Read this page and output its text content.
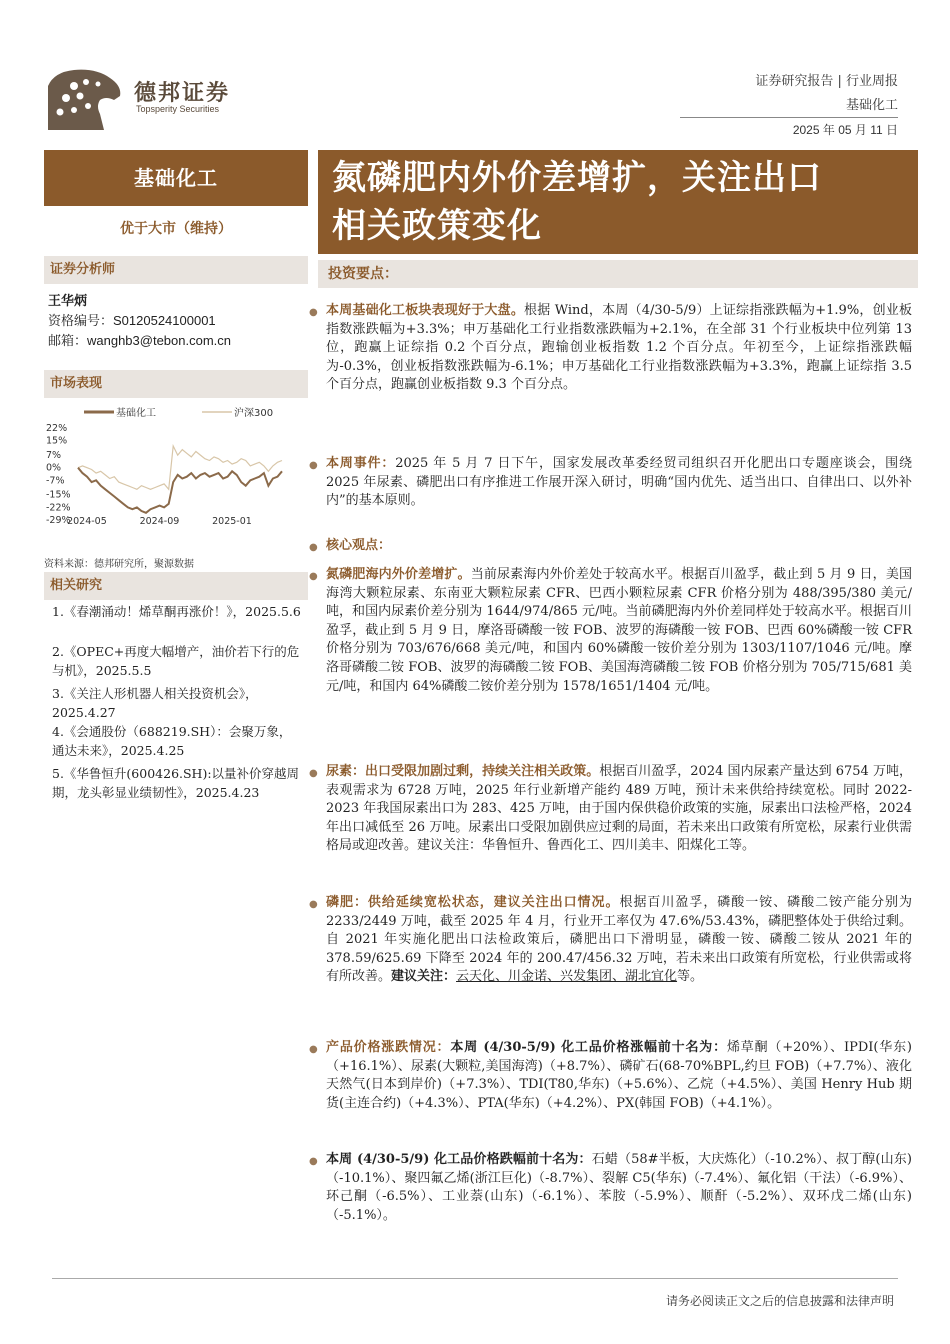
德邦证券
Topsperity Securities
证券研究报告 | 行业周报
基础化工
2025 年 05 月 11 日
基础化工
优于大市（维持）
证券分析师
王华炳
资格编号：S0120524100001
邮箱：wanghb3@tebon.com.cn
市场表现
基础化工	沪深300
22%
15%
7%
0%
-7%
-15%
-22%
-29%
2024-05	2024-09	2025-01
资料来源：德邦研究所，聚源数据
相关研究
1.《春潮涌动！烯草酮再涨价！》，2025.5.6
2.《OPEC+再度大幅增产，油价若下行的危与机》，2025.5.5
3.《关注人形机器人相关投资机会》，2025.4.27
4.《会通股份（688219.SH）：会聚万象，通达未来》，2025.4.25
5.《华鲁恒升(600426.SH):以量补价穿越周期，龙头彰显业绩韧性》，2025.4.23
氮磷肥内外价差增扩，关注出口
相关政策变化
投资要点：
● 本周基础化工板块表现好于大盘。根据 Wind，本周（4/30-5/9）上证综指涨跌幅为+1.9%，创业板指数涨跌幅为+3.3%；申万基础化工行业指数涨跌幅为+2.1%，在全部 31 个行业板块中位列第 13 位，跑赢上证综指 0.2 个百分点，跑输创业板指数 1.2 个百分点。年初至今，上证综指涨跌幅为-0.3%，创业板指数涨跌幅为-6.1%；申万基础化工行业指数涨跌幅为+3.3%，跑赢上证综指 3.5 个百分点，跑赢创业板指数 9.3 个百分点。
● 本周事件：2025 年 5 月 7 日下午，国家发展改革委经贸司组织召开化肥出口专题座谈会，围绕 2025 年尿素、磷肥出口有序推进工作展开深入研讨，明确“国内优先、适当出口、自律出口、以外补内”的基本原则。
● 核心观点：
● 氮磷肥海内外价差增扩。当前尿素海内外价差处于较高水平。根据百川盈孚，截止到 5 月 9 日，美国海湾大颗粒尿素、东南亚大颗粒尿素 CFR、巴西小颗粒尿素 CFR 价格分别为 488/395/380 美元/吨，和国内尿素价差分别为 1644/974/865 元/吨。当前磷肥海内外价差同样处于较高水平。根据百川盈孚，截止到 5 月 9 日，摩洛哥磷酸一铵 FOB、波罗的海磷酸一铵 FOB、巴西 60%磷酸一铵 CFR 价格分别为 703/676/668 美元/吨，和国内 60%磷酸一铵价差分别为 1303/1107/1046 元/吨。摩洛哥磷酸二铵 FOB、波罗的海磷酸二铵 FOB、美国海湾磷酸二铵 FOB 价格分别为 705/715/681 美元/吨，和国内 64%磷酸二铵价差分别为 1578/1651/1404 元/吨。
● 尿素：出口受限加剧过剩，持续关注相关政策。根据百川盈孚，2024 国内尿素产量达到 6754 万吨，表观需求为 6728 万吨，2025 年行业新增产能约 489 万吨，预计未来供给持续宽松。同时 2022-2023 年我国尿素出口为 283、425 万吨，由于国内保供稳价政策的实施，尿素出口法检严格，2024 年出口减低至 26 万吨。尿素出口受限加剧供应过剩的局面，若未来出口政策有所宽松，尿素行业供需格局或迎改善。建议关注：华鲁恒升、鲁西化工、四川美丰、阳煤化工等。
● 磷肥：供给延续宽松状态，建议关注出口情况。根据百川盈孚，磷酸一铵、磷酸二铵产能分别为 2233/2449 万吨，截至 2025 年 4 月，行业开工率仅为 47.6%/53.43%，磷肥整体处于供给过剩。自 2021 年实施化肥出口法检政策后，磷肥出口下滑明显，磷酸一铵、磷酸二铵从 2021 年的 378.59/625.69 下降至 2024 年的 200.47/456.32 万吨，若未来出口政策有所宽松，行业供需或将有所改善。建议关注：云天化、川金诺、兴发集团、湖北宜化等。
● 产品价格涨跌情况：本周 (4/30-5/9) 化工品价格涨幅前十名为：烯草酮（+20%）、IPDI(华东)（+16.1%）、尿素(大颗粒,美国海湾)（+8.7%）、磷矿石(68-70%BPL,约旦 FOB)（+7.7%）、液化天然气(日本到岸价)（+7.3%）、TDI(T80,华东)（+5.6%）、乙烷（+4.5%）、美国 Henry Hub 期货(主连合约)（+4.3%）、PTA(华东)（+4.2%）、PX(韩国 FOB)（+4.1%）。
● 本周 (4/30-5/9) 化工品价格跌幅前十名为：石蜡（58#半板，大庆炼化）（-10.2%）、叔丁醇(山东)（-10.1%）、聚四氟乙烯(浙江巨化)（-8.7%）、裂解 C5(华东)（-7.4%）、氟化铝（干法）（-6.9%）、环己酮（-6.5%）、工业萘(山东)（-6.1%）、苯胺（-5.9%）、顺酐（-5.2%）、双环戊二烯(山东)（-5.1%）。
请务必阅读正文之后的信息披露和法律声明
